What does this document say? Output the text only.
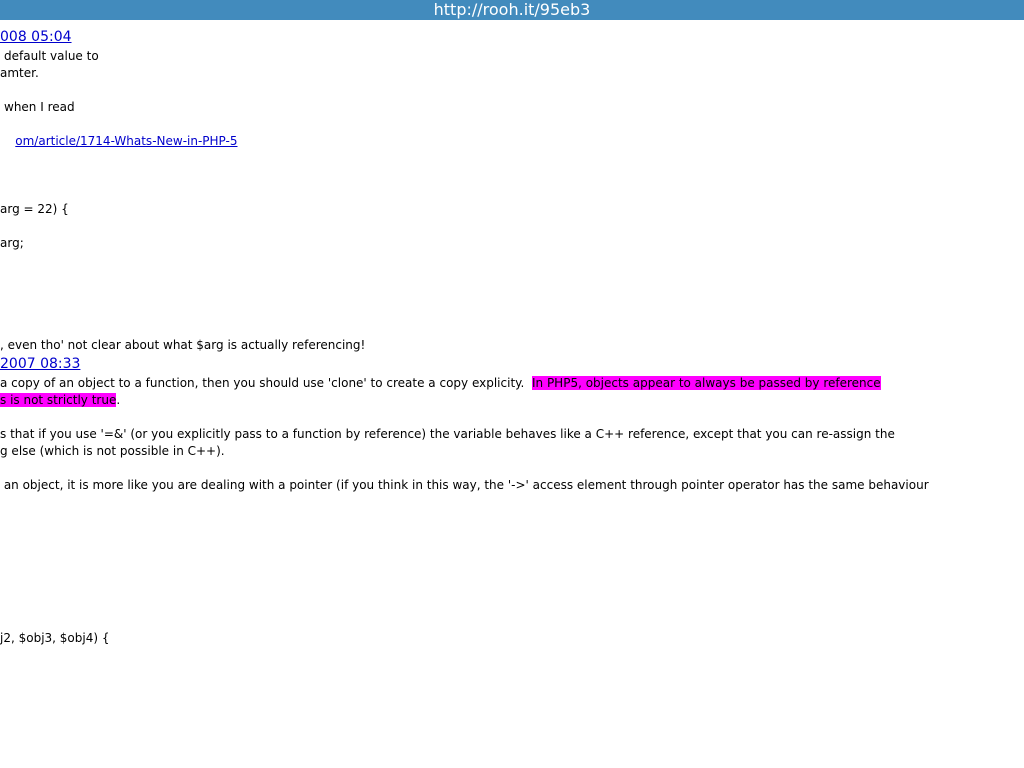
http://rooh.it/95eb3
008 05:04
default value to
amter.
when I read

om/article/1714-Whats-New-in-PHP-5

arg = 22) {
arg;
, even tho' not clear about what $arg is actually referencing!
2007 08:33
a copy of an object to a function, then you should use 'clone' to create a copy explicity.  In PHP5, objects appear to always be passed by reference
s is not strictly true.
s that if you use '=&' (or you explicitly pass to a function by reference) the variable behaves like a C++ reference, except that you can re-assign the
g else (which is not possible in C++).
an object, it is more like you are dealing with a pointer (if you think in this way, the '->' access element through pointer operator has the same behaviour
j2, $obj3, $obj4) {
